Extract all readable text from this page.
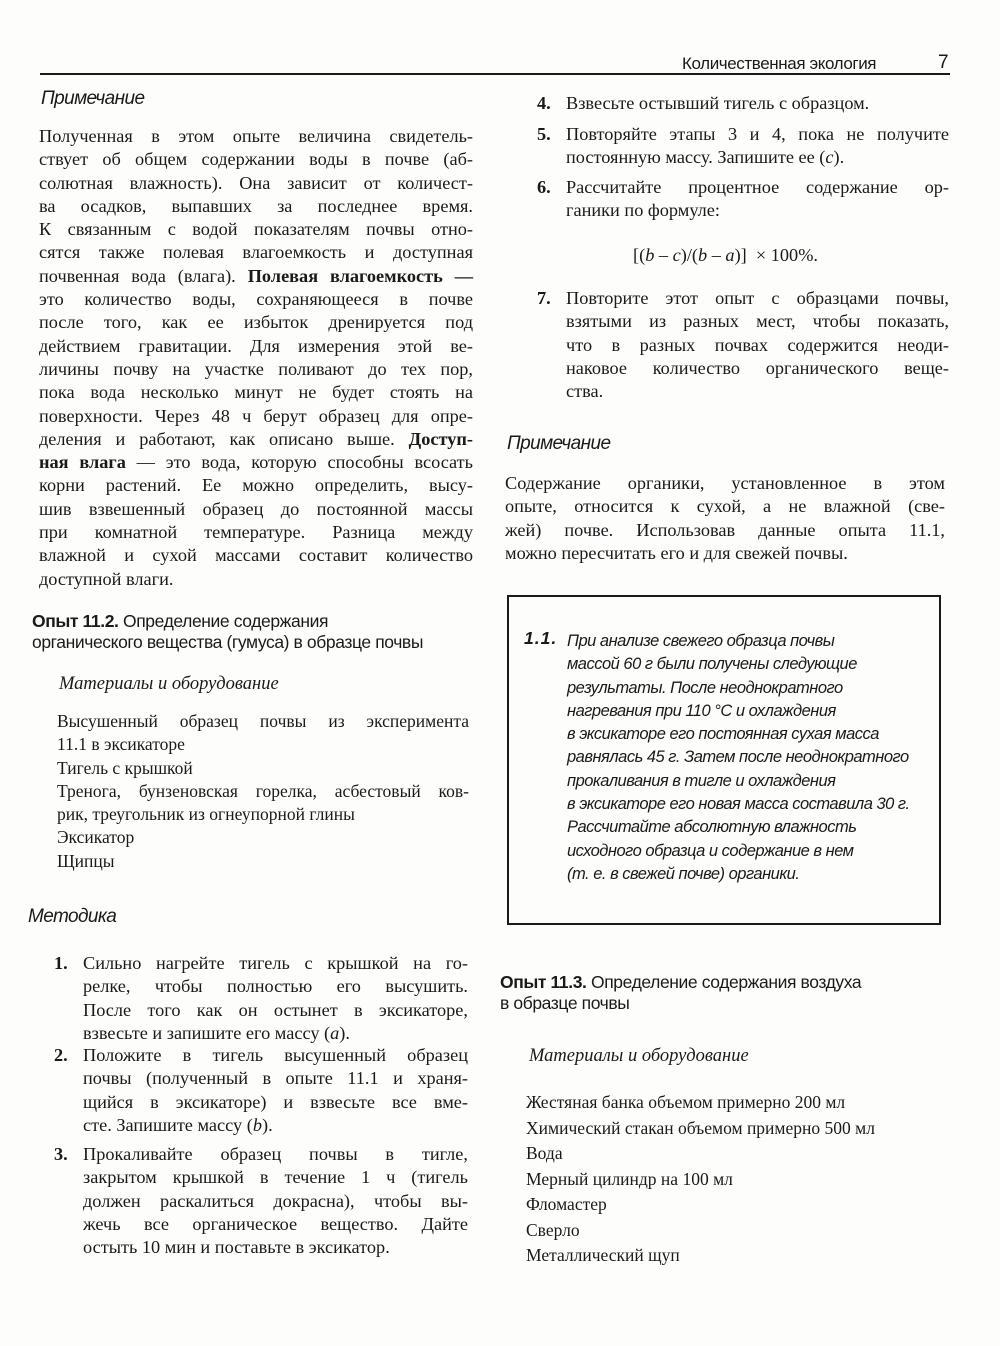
Количественная экология	7
Примечание
Полученная в этом опыте величина свидетель-
ствует об общем содержании воды в почве (аб-
солютная влажность). Она зависит от количест-
ва осадков, выпавших за последнее время.
К связанным с водой показателям почвы отно-
сятся также полевая влагоемкость и доступная
почвенная вода (влага). Полевая влагоемкость —
это количество воды, сохраняющееся в почве
после того, как ее избыток дренируется под
действием гравитации. Для измерения этой ве-
личины почву на участке поливают до тех пор,
пока вода несколько минут не будет стоять на
поверхности. Через 48 ч берут образец для опре-
деления и работают, как описано выше. Доступ-
ная влага — это вода, которую способны всосать
корни растений. Ее можно определить, высу-
шив взвешенный образец до постоянной массы
при комнатной температуре. Разница между
влажной и сухой массами составит количество
доступной влаги.
Опыт 11.2. Определение содержания
органического вещества (гумуса) в образце почвы
Материалы и оборудование
Высушенный образец почвы из эксперимента
11.1 в эксикаторе
Тигель с крышкой
Тренога, бунзеновская горелка, асбестовый ков-
рик, треугольник из огнеупорной глины
Эксикатор
Щипцы
Методика
1. Сильно нагрейте тигель с крышкой на го-
релке, чтобы полностью его высушить.
После того как он остынет в эксикаторе,
взвесьте и запишите его массу (a).
2. Положите в тигель высушенный образец
почвы (полученный в опыте 11.1 и храня-
щийся в эксикаторе) и взвесьте все вме-
сте. Запишите массу (b).
3. Прокаливайте образец почвы в тигле,
закрытом крышкой в течение 1 ч (тигель
должен раскалиться докрасна), чтобы вы-
жечь все органическое вещество. Дайте
остыть 10 мин и поставьте в эксикатор.
4. Взвесьте остывший тигель с образцом.
5. Повторяйте этапы 3 и 4, пока не получите
постоянную массу. Запишите ее (c).
6. Рассчитайте процентное содержание ор-
ганики по формуле:
[(b – c)/(b – a)]  × 100%.
7. Повторите этот опыт с образцами почвы,
взятыми из разных мест, чтобы показать,
что в разных почвах содержится неоди-
наковое количество органического веще-
ства.
Примечание
Содержание органики, установленное в этом
опыте, относится к сухой, а не влажной (све-
жей) почве. Использовав данные опыта 11.1,
можно пересчитать его и для свежей почвы.
1.1. При анализе свежего образца почвы
массой 60 г были получены следующие
результаты. После неоднократного
нагревания при 110 °С и охлаждения
в эксикаторе его постоянная сухая масса
равнялась 45 г. Затем после неоднократного
прокаливания в тигле и охлаждения
в эксикаторе его новая масса составила 30 г.
Рассчитайте абсолютную влажность
исходного образца и содержание в нем
(т. е. в свежей почве) органики.
Опыт 11.3. Определение содержания воздуха
в образце почвы
Материалы и оборудование
Жестяная банка объемом примерно 200 мл
Химический стакан объемом примерно 500 мл
Вода
Мерный цилиндр на 100 мл
Фломастер
Сверло
Металлический щуп
